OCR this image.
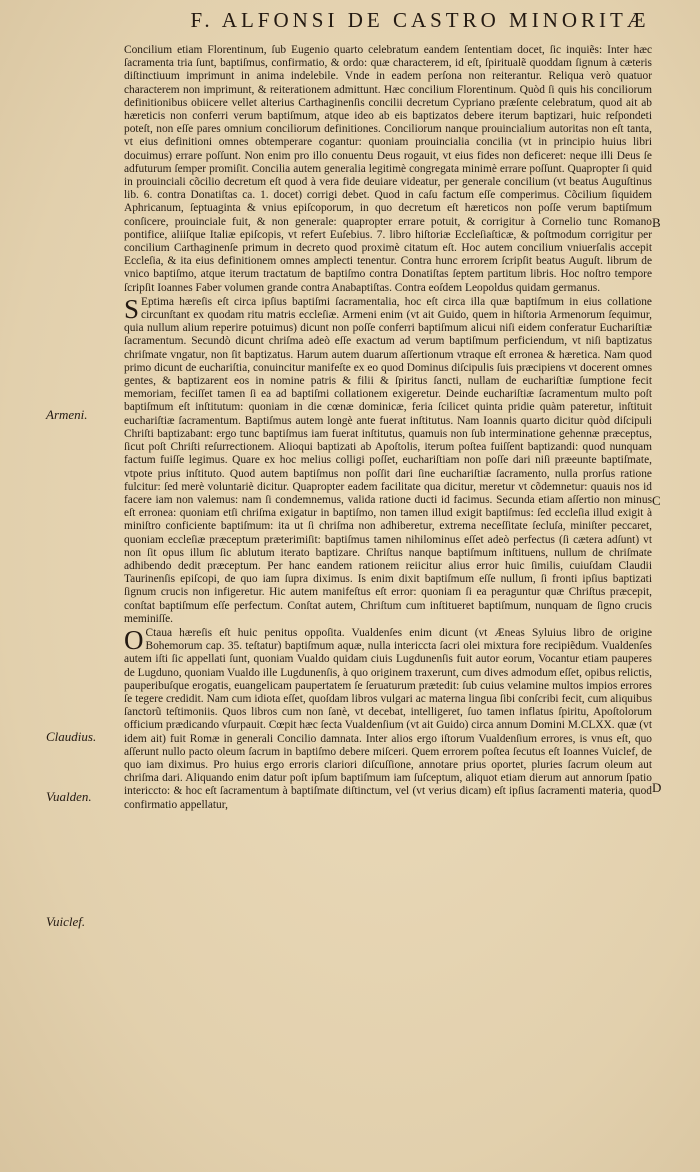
F. ALFONSI DE CASTRO MINORITÆ

Concilium etiam Florentinum, ſub Eugenio quarto celebratum eandem ſententiam docet, ſic inquiẽs: Inter hæc ſacramenta tria ſunt, baptiſmus, confirmatio, & ordo: quæ characterem, id eſt, ſpiritualẽ quoddam ſignum à cæteris diſtinctiuum imprimunt in anima indelebile. Vnde in eadem perſona non reiterantur. Reliqua verò quatuor characterem non imprimunt, & reiterationem admittunt. Hæc concilium Florentinum. Quòd ſi quis his conciliorum definitionibus obiicere vellet alterius Carthaginenſis concilii decretum Cypriano præſente celebratum, quod ait ab hæreticis non conferri verum baptiſmum, atque ideo ab eis baptizatos debere iterum baptizari, huic reſpondeti poteſt, non eſſe pares omnium conciliorum definitiones. Conciliorum nanque prouincialium autoritas non eſt tanta, vt eius definitioni omnes obtemperare cogantur: quoniam prouincialia concilia (vt in principio huius libri docuimus) errare poſſunt. Non enim pro illo conuentu Deus rogauit, vt eius fides non deficeret: neque illi Deus ſe adfuturum ſemper promiſit. Concilia autem generalia legitimè congregata minimè errare poſſunt. Quapropter ſi quid in prouinciali cõcilio decretum eſt quod à vera fide deuiare videatur, per generale concilium (vt beatus Auguſtinus lib. 6. contra Donatiſtas ca. 1. docet) corrigi debet. Quod in caſu factum eſſe comperimus. Cõcilium ſiquidem Aphricanum, ſeptuaginta & vnius epiſcoporum, in quo decretum eſt hæreticos non poſſe verum baptiſmum conſicere, prouinciale fuit, & non generale: quapropter errare potuit, & corrigitur à Cornelio tunc Romano pontifice, aliiſque Italiæ epiſcopis, vt refert Euſebius. 7. libro hiſtoriæ Eccleſiaſticæ, & poſtmodum corrigitur per concilium Carthaginenſe primum in decreto quod proximè citatum eſt. Hoc autem concilium vniuerſalis accepit Eccleſia, & ita eius definitionem omnes amplecti tenentur. Contra hunc errorem ſcripſit beatus Auguſt. librum de vnico baptiſmo, atque iterum tractatum de baptiſmo contra Donatiſtas ſeptem partitum libris. Hoc noſtro tempore ſcripſit Ioannes Faber volumen grande contra Anabaptiſtas. Contra eoſdem Leopoldus quidam germanus.

S Eptima hæreſis eſt circa ipſius baptiſmi ſacramentalia, hoc eſt circa illa quæ baptiſmum in eius collatione circunſtant ex quodam ritu matris eccleſiæ. Armeni enim (vt ait Guido, quem in hiſtoria Armenorum ſequimur, quia nullum alium reperire potuimus) dicunt non poſſe conferri baptiſmum alicui niſi eidem conferatur Euchariſtiæ ſacramentum. Secundò dicunt chriſma adeò eſſe exactum ad verum baptiſmum perficiendum, vt niſi baptizatus chriſmate vngatur, non ſit baptizatus. Harum autem duarum aſſertionum vtraque eſt erronea & hæretica. Nam quod primo dicunt de euchariſtia, conuincitur manifeſte ex eo quod Dominus diſcipulis ſuis præcipiens vt docerent omnes gentes, & baptizarent eos in nomine patris & filii & ſpiritus ſancti, nullam de euchariſtiæ ſumptione fecit memoriam, feciſſet tamen ſi ea ad baptiſmi collationem exigeretur. Deinde euchariſtiæ ſacramentum multo poſt baptiſmum eſt inſtitutum: quoniam in die cœnæ dominicæ, feria ſcilicet quinta pridie quàm pateretur, inſtituit euchariſtiæ ſacramentum. Baptiſmus autem longè ante fuerat inſtitutus. Nam Ioannis quarto dicitur quòd diſcipuli Chriſti baptizabant: ergo tunc baptiſmus iam fuerat inſtitutus, quamuis non ſub interminatione gehennæ præceptus, ſicut poſt Chriſti reſurrectionem. Alioqui baptizati ab Apoſtolis, iterum poſtea fuiſſent baptizandi: quod nunquam factum fuiſſe legimus. Quare ex hoc melius colligi poſſet, euchariſtiam non poſſe dari niſi præeunte baptiſmate, vtpote prius inſtituto. Quod autem baptiſmus non poſſit dari ſine euchariſtiæ ſacramento, nulla prorſus ratione fulcitur: ſed merè voluntariè dicitur. Quapropter eadem facilitate qua dicitur, meretur vt cõdemnetur: quauis nos id facere iam non valemus: nam ſi condemnemus, valida ratione ducti id facimus. Secunda etiam aſſertio non minus eſt erronea: quoniam etſi chriſma exigatur in baptiſmo, non tamen illud exigit baptiſmus: ſed eccleſia illud exigit à miniſtro conficiente baptiſmum: ita ut ſi chriſma non adhiberetur, extrema neceſſitate ſecluſa, miniſter peccaret, quoniam eccleſiæ præceptum præterimiſit: baptiſmus tamen nihilominus eſſet adeò perfectus (ſi cætera adſunt) vt non ſit opus illum ſic ablutum iterato baptizare. Chriſtus nanque baptiſmum inſtituens, nullum de chriſmate adhibendo dedit præceptum. Per hanc eandem rationem reiicitur alius error huic ſimilis, cuiuſdam Claudii Taurinenſis epiſcopi, de quo iam ſupra diximus. Is enim dixit baptiſmum eſſe nullum, ſi fronti ipſius baptizati ſignum crucis non infigeretur. Hic autem manifeſtus eſt error: quoniam ſi ea peraguntur quæ Chriſtus præcepit, conſtat baptiſmum eſſe perfectum. Conſtat autem, Chriſtum cum inſtitueret baptiſmum, nunquam de ſigno crucis meminiſſe.

O Ctaua hæreſis eſt huic penitus oppoſita. Vualdenſes enim dicunt (vt Æneas Syluius libro de origine Bohemorum cap. 35. teſtatur) baptiſmum aquæ, nulla intericcta ſacri olei mixtura fore recipiẽdum. Vualdenſes autem iſti ſic appellati ſunt, quoniam Vualdo quidam ciuis Lugdunenſis fuit autor eorum, Vocantur etiam pauperes de Lugduno, quoniam Vualdo ille Lugdunenſis, à quo originem traxerunt, cum dives admodum eſſet, opibus relictis, pauperibuſque erogatis, euangelicam paupertatem ſe ſeruaturum prætedit: ſub cuius velamine multos impios errores ſe tegere credidit. Nam cum idiota eſſet, quoſdam libros vulgari ac materna lingua ſibi conſcribi fecit, cum aliquibus ſanctorũ teſtimoniis. Quos libros cum non ſanè, vt decebat, intelligeret, ſuo tamen inflatus ſpiritu, Apoſtolorum officium prædicando vſurpauit. Cœpit hæc ſecta Vualdenſium (vt ait Guido) circa annum Domini M.CLXX. quæ (vt idem ait) fuit Romæ in generali Concilio damnata. Inter alios ergo iſtorum Vualdenſium errores, is vnus eſt, quo aſſerunt nullo pacto oleum ſacrum in baptiſmo debere miſceri. Quem errorem poſtea ſecutus eſt Ioannes Vuiclef, de quo iam diximus. Pro huius ergo erroris clariori diſcuſſione, annotare prius oportet, pluries ſacrum oleum aut chriſma dari. Aliquando enim datur poſt ipſum baptiſmum iam ſuſceptum, aliquot etiam dierum aut annorum ſpatio intericcto: & hoc eſt ſacramentum à baptiſmate diſtinctum, vel (vt verius dicam) eſt ipſius ſacramenti materia, quod confirmatio appellatur,

Armeni.
Claudius.
Vualden.
Vuiclef.
B
C
D
